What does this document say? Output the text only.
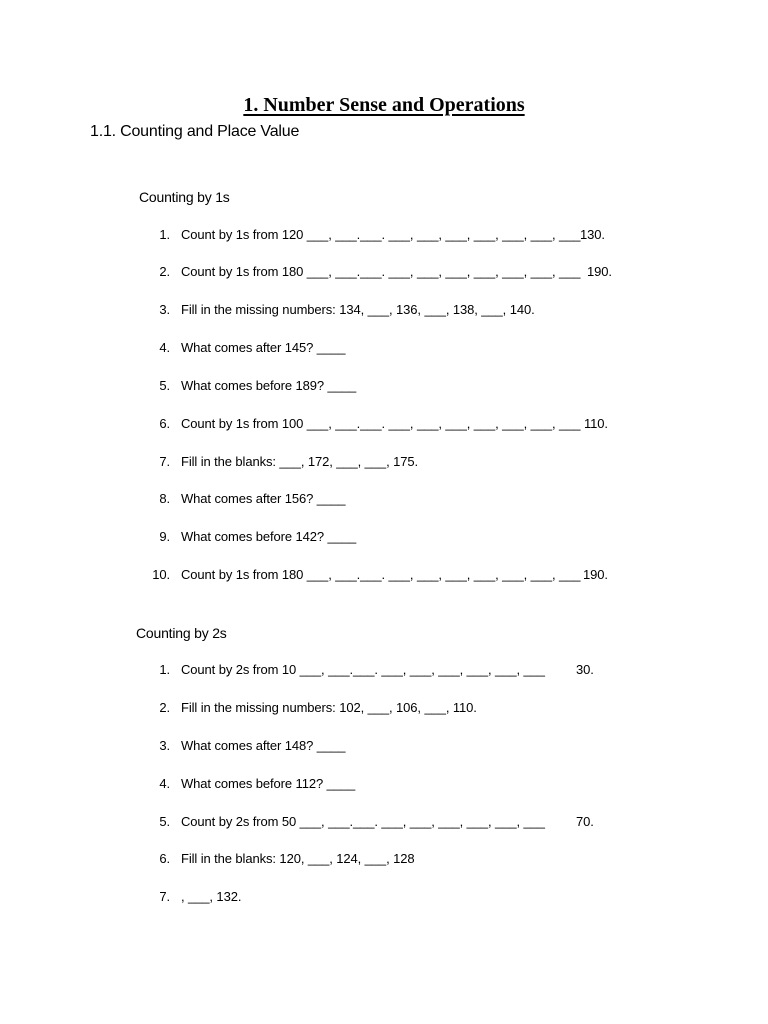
1. Number Sense and Operations
1.1. Counting and Place Value
Counting by 1s

1.

Count by 1s from 120 ___, ___.___. ___, ___, ___, ___, ___, ___, ___

130.

2.

Count by 1s from 180 ___, ___.___. ___, ___, ___, ___, ___, ___, ___

190.

3.

Fill in the missing numbers: 134, ___, 136, ___, 138, ___, 140.

4.

What comes after 145? ____

5.

What comes before 189? ____

6.

Count by 1s from 100 ___, ___.___. ___, ___, ___, ___, ___, ___, ___

110.

7.

Fill in the blanks: ___, 172, ___, ___, 175.

8.

What comes after 156? ____

9.

What comes before 142? ____

10.

Count by 1s from 180 ___, ___.___. ___, ___, ___, ___, ___, ___, ___

190.

Counting by 2s

1.

Count by 2s from 10 ___, ___.___. ___, ___, ___, ___, ___, ___

30.

2.

Fill in the missing numbers: 102, ___, 106, ___, 110.

3.

What comes after 148? ____

4.

What comes before 112? ____

5.

Count by 2s from 50 ___, ___.___. ___, ___, ___, ___, ___, ___

70.

6.

Fill in the blanks: 120, ___, 124, ___, 128

7.

, ___, 132.
